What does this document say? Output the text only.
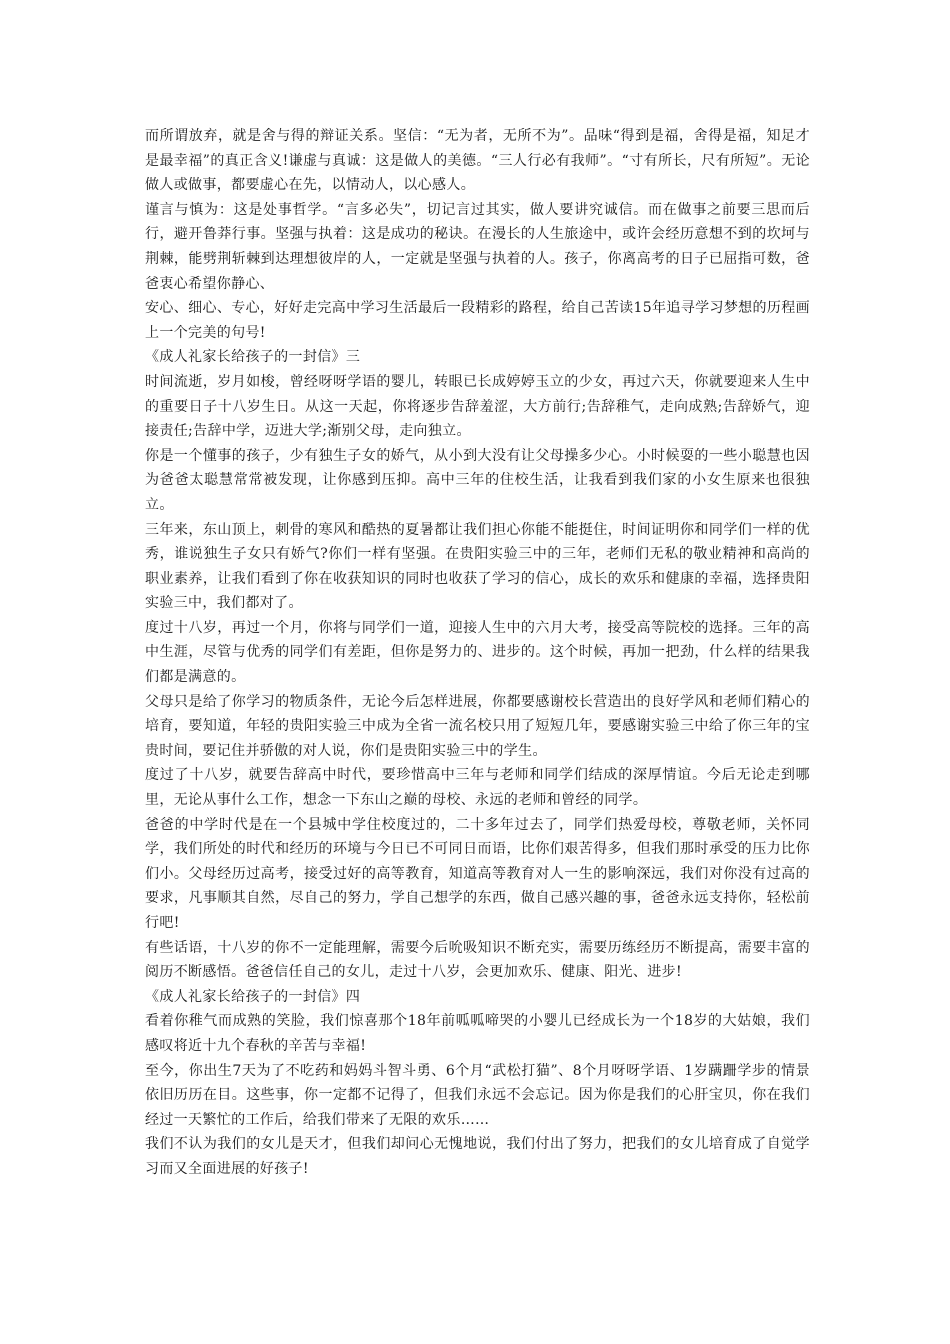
而所谓放弃，就是舍与得的辩证关系。坚信：“无为者，无所不为”。品味“得到是福，舍得是福，知足才是最幸福”的真正含义!谦虚与真诚：这是做人的美德。“三人行必有我师”。“寸有所长，尺有所短”。无论做人或做事，都要虚心在先，以情动人，以心感人。

谨言与慎为：这是处事哲学。“言多必失”，切记言过其实，做人要讲究诚信。而在做事之前要三思而后行，避开鲁莽行事。坚强与执着：这是成功的秘诀。在漫长的人生旅途中，或许会经历意想不到的坎坷与荆棘，能劈荆斩棘到达理想彼岸的人，一定就是坚强与执着的人。孩子，你离高考的日子已屈指可数，爸爸衷心希望你静心、

安心、细心、专心，好好走完高中学习生活最后一段精彩的路程，给自己苦读15年追寻学习梦想的历程画上一个完美的句号!

《成人礼家长给孩子的一封信》三

时间流逝，岁月如梭，曾经呀呀学语的婴儿，转眼已长成婷婷玉立的少女，再过六天，你就要迎来人生中的重要日子十八岁生日。从这一天起，你将逐步告辞羞涩，大方前行;告辞稚气，走向成熟;告辞娇气，迎接责任;告辞中学，迈进大学;渐别父母，走向独立。

你是一个懂事的孩子，少有独生子女的娇气，从小到大没有让父母操多少心。小时候耍的一些小聪慧也因为爸爸太聪慧常常被发现，让你感到压抑。高中三年的住校生活，让我看到我们家的小女生原来也很独立。

三年来，东山顶上，刺骨的寒风和酷热的夏暑都让我们担心你能不能挺住，时间证明你和同学们一样的优秀，谁说独生子女只有娇气?你们一样有坚强。在贵阳实验三中的三年，老师们无私的敬业精神和高尚的职业素养，让我们看到了你在收获知识的同时也收获了学习的信心，成长的欢乐和健康的幸福，选择贵阳实验三中，我们都对了。

度过十八岁，再过一个月，你将与同学们一道，迎接人生中的六月大考，接受高等院校的选择。三年的高中生涯，尽管与优秀的同学们有差距，但你是努力的、进步的。这个时候，再加一把劲，什么样的结果我们都是满意的。

父母只是给了你学习的物质条件，无论今后怎样进展，你都要感谢校长营造出的良好学风和老师们精心的培育，要知道，年轻的贵阳实验三中成为全省一流名校只用了短短几年，要感谢实验三中给了你三年的宝贵时间，要记住并骄傲的对人说，你们是贵阳实验三中的学生。

度过了十八岁，就要告辞高中时代，要珍惜高中三年与老师和同学们结成的深厚情谊。今后无论走到哪里，无论从事什么工作，想念一下东山之巅的母校、永远的老师和曾经的同学。

爸爸的中学时代是在一个县城中学住校度过的，二十多年过去了，同学们热爱母校，尊敬老师，关怀同学，我们所处的时代和经历的环境与今日已不可同日而语，比你们艰苦得多，但我们那时承受的压力比你们小。父母经历过高考，接受过好的高等教育，知道高等教育对人一生的影响深远，我们对你没有过高的要求，凡事顺其自然，尽自己的努力，学自己想学的东西，做自己感兴趣的事，爸爸永远支持你，轻松前行吧!

有些话语，十八岁的你不一定能理解，需要今后吮吸知识不断充实，需要历练经历不断提高，需要丰富的阅历不断感悟。爸爸信任自己的女儿，走过十八岁，会更加欢乐、健康、阳光、进步!

《成人礼家长给孩子的一封信》四

看着你稚气而成熟的笑脸，我们惊喜那个18年前呱呱啼哭的小婴儿已经成长为一个18岁的大姑娘，我们感叹将近十九个春秋的辛苦与幸福!

至今，你出生7天为了不吃药和妈妈斗智斗勇、6个月“武松打猫”、8个月呀呀学语、1岁蹒跚学步的情景依旧历历在目。这些事，你一定都不记得了，但我们永远不会忘记。因为你是我们的心肝宝贝，你在我们经过一天繁忙的工作后，给我们带来了无限的欢乐……

我们不认为我们的女儿是天才，但我们却问心无愧地说，我们付出了努力，把我们的女儿培育成了自觉学习而又全面进展的好孩子!
